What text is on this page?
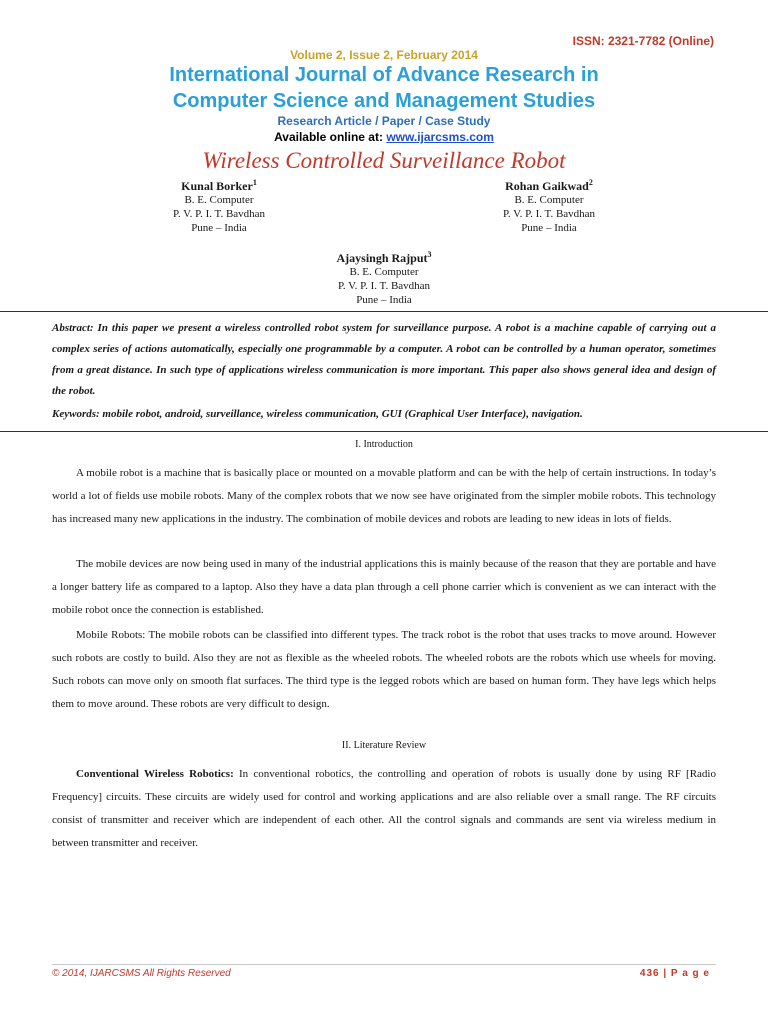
ISSN: 2321-7782 (Online)
Volume 2, Issue 2, February 2014
International Journal of Advance Research in
Computer Science and Management Studies
Research Article / Paper / Case Study
Available online at: www.ijarcsms.com
Wireless Controlled Surveillance Robot
Kunal Borker$^1$
B. E. Computer
P. V. P. I. T. Bavdhan
Pune – India
Rohan Gaikwad$^2$
B. E. Computer
P. V. P. I. T. Bavdhan
Pune – India
Ajaysingh Rajput$^3$
B. E. Computer
P. V. P. I. T. Bavdhan
Pune – India
Abstract: In this paper we present a wireless controlled robot system for surveillance purpose. A robot is a machine capable of carrying out a complex series of actions automatically, especially one programmable by a computer. A robot can be controlled by a human operator, sometimes from a great distance. In such type of applications wireless communication is more important. This paper also shows general idea and design of the robot.
Keywords: mobile robot, android, surveillance, wireless communication, GUI (Graphical User Interface), navigation.
I. Introduction
A mobile robot is a machine that is basically place or mounted on a movable platform and can be with the help of certain instructions. In today’s world a lot of fields use mobile robots. Many of the complex robots that we now see have originated from the simpler mobile robots. This technology has increased many new applications in the industry. The combination of mobile devices and robots are leading to new ideas in lots of fields.
The mobile devices are now being used in many of the industrial applications this is mainly because of the reason that they are portable and have a longer battery life as compared to a laptop. Also they have a data plan through a cell phone carrier which is convenient as we can interact with the mobile robot once the connection is established.
Mobile Robots: The mobile robots can be classified into different types. The track robot is the robot that uses tracks to move around. However such robots are costly to build. Also they are not as flexible as the wheeled robots. The wheeled robots are the robots which use wheels for moving. Such robots can move only on smooth flat surfaces. The third type is the legged robots which are based on human form. They have legs which helps them to move around. These robots are very difficult to design.
II. Literature Review
Conventional Wireless Robotics: In conventional robotics, the controlling and operation of robots is usually done by using RF [Radio Frequency] circuits. These circuits are widely used for control and working applications and are also reliable over a small range. The RF circuits consist of transmitter and receiver which are independent of each other. All the control signals and commands are sent via wireless medium in between transmitter and receiver.
© 2014, IJARCSMS All Rights Reserved	436 | P a g e
